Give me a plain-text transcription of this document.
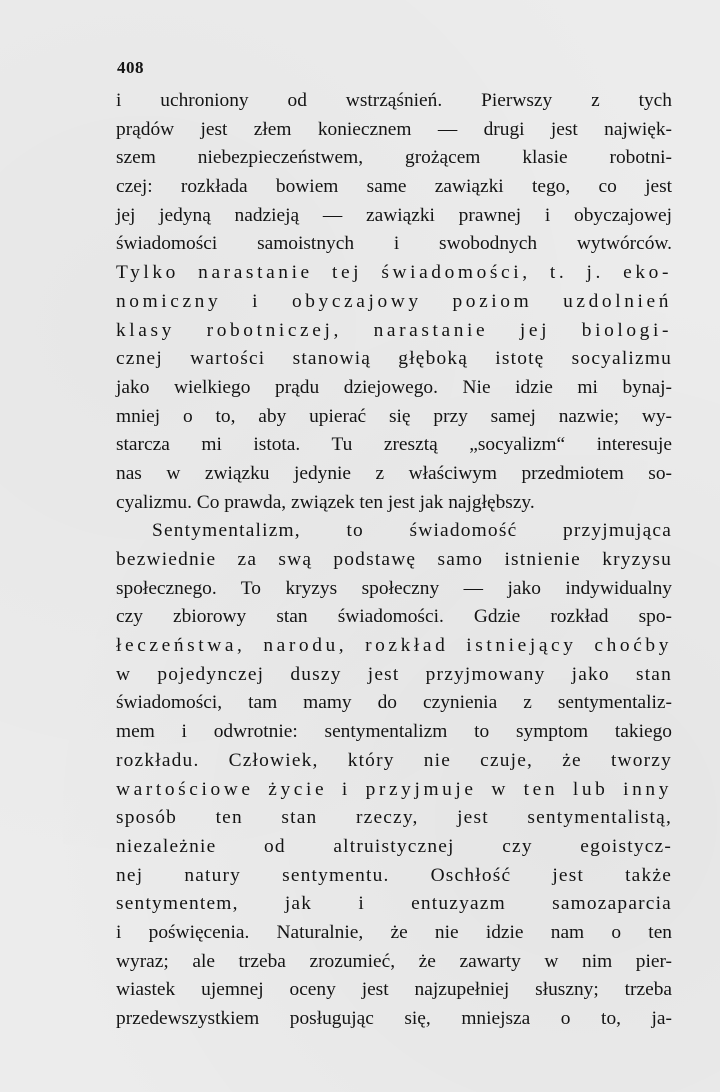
408
i uchroniony od wstrząśnień. Pierwszy z tych
prądów jest złem koniecznem — drugi jest najwięk-
szem niebezpieczeństwem, grożącem klasie robotni-
czej: rozkłada bowiem same zawiązki tego, co jest
jej jedyną nadzieją — zawiązki prawnej i obyczajowej
świadomości samoistnych i swobodnych wytwórców.
Tylko narastanie tej świadomości, t. j. eko-
nomiczny i obyczajowy poziom uzdolnień
klasy robotniczej, narastanie jej biologi-
cznej wartości stanowią głęboką istotę socyalizmu
jako wielkiego prądu dziejowego. Nie idzie mi bynaj-
mniej o to, aby upierać się przy samej nazwie; wy-
starcza mi istota. Tu zresztą „socyalizm“ interesuje
nas w związku jedynie z właściwym przedmiotem so-
cyalizmu. Co prawda, związek ten jest jak najgłębszy.
Sentymentalizm, to świadomość przyjmująca
bezwiednie za swą podstawę samo istnienie kryzysu
społecznego. To kryzys społeczny — jako indywidualny
czy zbiorowy stan świadomości. Gdzie rozkład spo-
łeczeństwa, narodu, rozkład istniejący choćby
w pojedynczej duszy jest przyjmowany jako stan
świadomości, tam mamy do czynienia z sentymentaliz-
mem i odwrotnie: sentymentalizm to symptom takiego
rozkładu. Człowiek, który nie czuje, że tworzy
wartościowe życie i przyjmuje w ten lub inny
sposób ten stan rzeczy, jest sentymentalistą,
niezależnie od altruistycznej czy egoistycz-
nej natury sentymentu. Oschłość jest także
sentymentem, jak i entuzyazm samozaparcia
i poświęcenia. Naturalnie, że nie idzie nam o ten
wyraz; ale trzeba zrozumieć, że zawarty w nim pier-
wiastek ujemnej oceny jest najzupełniej słuszny; trzeba
przedewszystkiem posługując się, mniejsza o to, ja-
